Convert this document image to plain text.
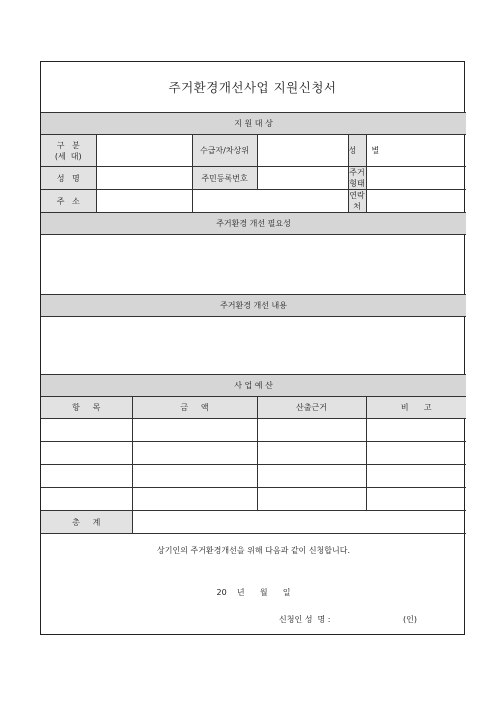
주거환경개선사업 지원신청서
지 원 대 상						
구   분
(세  대)			수급자/차상위		성      별	
성   명			주민등록번호		주거형태	
주   소					연락처	
주거환경 개선 필요성						

주거환경 개선 내용						

사 업 예 산						
항     목		금     액		산출근거		비      고

총     계						

상기인의 주거환경개선을 위해 다음과 같이 신청합니다.
20    년      월      일
신청인 성  명 : (인)						
